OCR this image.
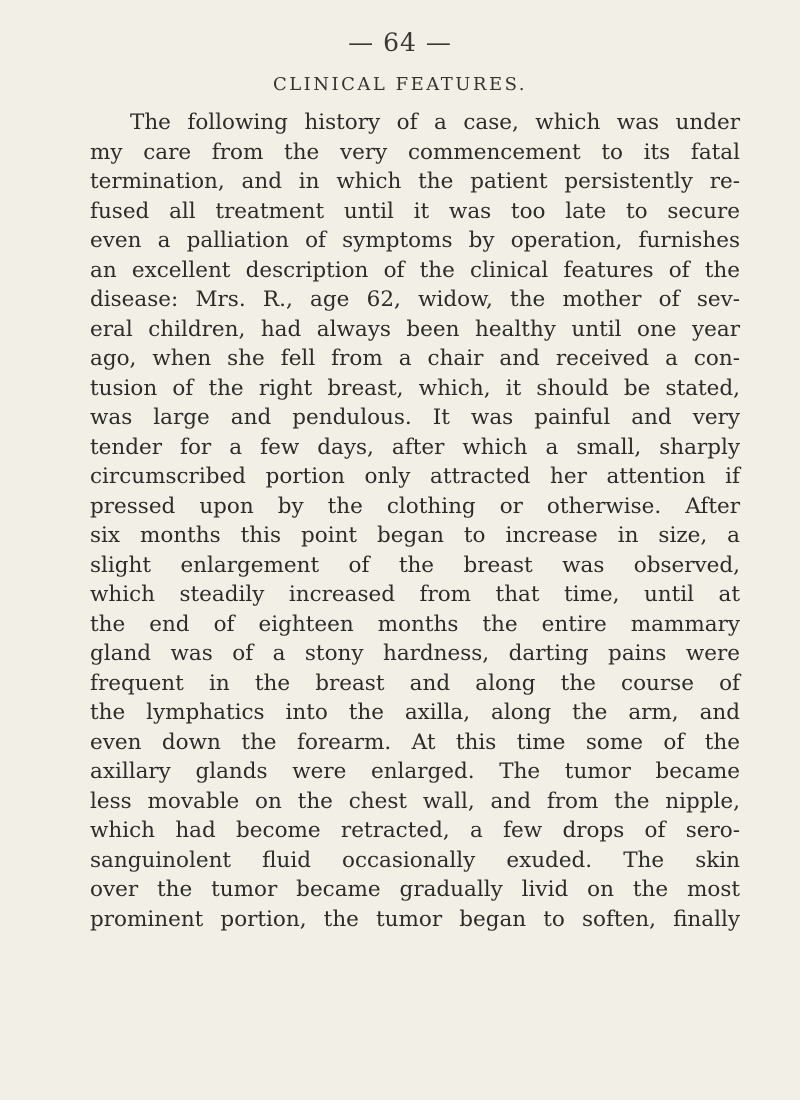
— 64 —
CLINICAL FEATURES.
The following history of a case, which was under
my care from the very commencement to its fatal
termination, and in which the patient persistently re-
fused all treatment until it was too late to secure
even a palliation of symptoms by operation, furnishes
an excellent description of the clinical features of the
disease: Mrs. R., age 62, widow, the mother of sev-
eral children, had always been healthy until one year
ago, when she fell from a chair and received a con-
tusion of the right breast, which, it should be stated,
was large and pendulous. It was painful and very
tender for a few days, after which a small, sharply
circumscribed portion only attracted her attention if
pressed upon by the clothing or otherwise. After
six months this point began to increase in size, a
slight enlargement of the breast was observed,
which steadily increased from that time, until at
the end of eighteen months the entire mammary
gland was of a stony hardness, darting pains were
frequent in the breast and along the course of
the lymphatics into the axilla, along the arm, and
even down the forearm. At this time some of the
axillary glands were enlarged. The tumor became
less movable on the chest wall, and from the nipple,
which had become retracted, a few drops of sero-
sanguinolent fluid occasionally exuded. The skin
over the tumor became gradually livid on the most
prominent portion, the tumor began to soften, finally
